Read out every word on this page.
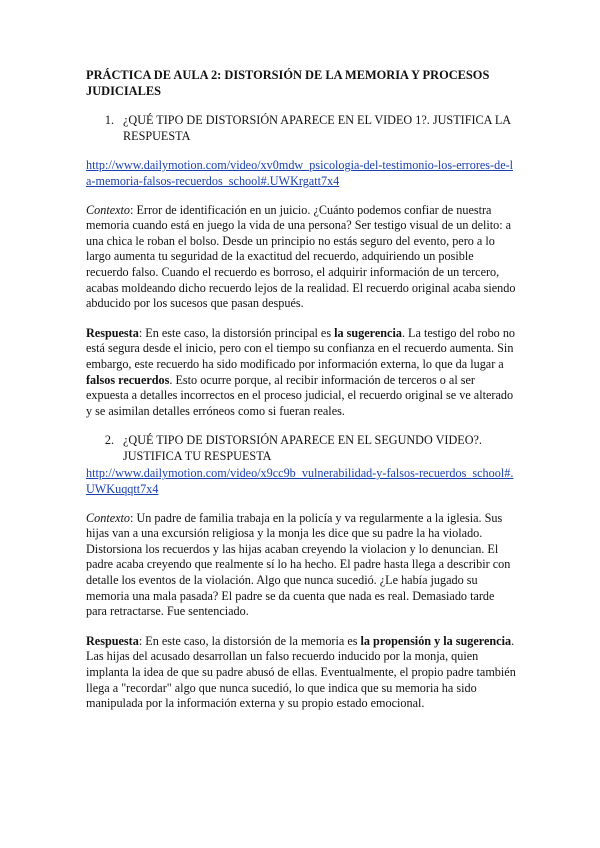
PRÁCTICA DE AULA 2: DISTORSIÓN DE LA MEMORIA Y PROCESOS JUDICIALES

1. ¿QUÉ TIPO DE DISTORSIÓN APARECE EN EL VIDEO 1?. JUSTIFICA LA RESPUESTA
http://www.dailymotion.com/video/xv0mdw_psicologia-del-testimonio-los-errores-de-la-memoria-falsos-recuerdos_school#.UWKrgatt7x4

Contexto: Error de identificación en un juicio. ¿Cuánto podemos confiar de nuestra memoria cuando está en juego la vida de una persona? Ser testigo visual de un delito: a una chica le roban el bolso. Desde un principio no estás seguro del evento, pero a lo largo aumenta tu seguridad de la exactitud del recuerdo, adquiriendo un posible recuerdo falso. Cuando el recuerdo es borroso, el adquirir información de un tercero, acabas moldeando dicho recuerdo lejos de la realidad. El recuerdo original acaba siendo abducido por los sucesos que pasan después.

Respuesta: En este caso, la distorsión principal es la sugerencia. La testigo del robo no está segura desde el inicio, pero con el tiempo su confianza en el recuerdo aumenta. Sin embargo, este recuerdo ha sido modificado por información externa, lo que da lugar a falsos recuerdos. Esto ocurre porque, al recibir información de terceros o al ser expuesta a detalles incorrectos en el proceso judicial, el recuerdo original se ve alterado y se asimilan detalles erróneos como si fueran reales.

2. ¿QUÉ TIPO DE DISTORSIÓN APARECE EN EL SEGUNDO VIDEO?. JUSTIFICA TU RESPUESTA
http://www.dailymotion.com/video/x9cc9b_vulnerabilidad-y-falsos-recuerdos_school#.UWKuqqtt7x4

Contexto: Un padre de familia trabaja en la policía y va regularmente a la iglesia. Sus hijas van a una excursión religiosa y la monja les dice que su padre la ha violado. Distorsiona los recuerdos y las hijas acaban creyendo la violacion y lo denuncian. El padre acaba creyendo que realmente sí lo ha hecho. El padre hasta llega a describir con detalle los eventos de la violación. Algo que nunca sucedió. ¿Le había jugado su memoria una mala pasada? El padre se da cuenta que nada es real. Demasiado tarde para retractarse. Fue sentenciado.

Respuesta: En este caso, la distorsión de la memoria es la propensión y la sugerencia. Las hijas del acusado desarrollan un falso recuerdo inducido por la monja, quien implanta la idea de que su padre abusó de ellas. Eventualmente, el propio padre también llega a "recordar" algo que nunca sucedió, lo que indica que su memoria ha sido manipulada por la información externa y su propio estado emocional.
